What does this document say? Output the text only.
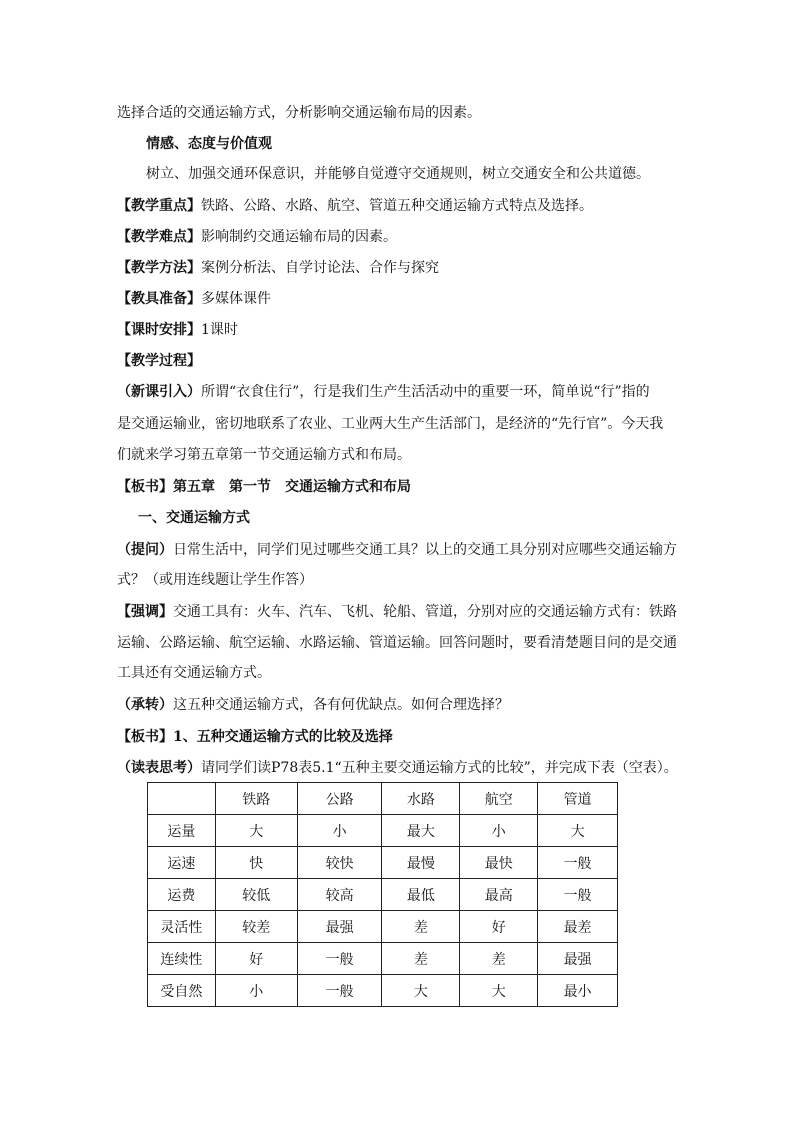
选择合适的交通运输方式，分析影响交通运输布局的因素。
情感、态度与价值观
树立、加强交通环保意识，并能够自觉遵守交通规则，树立交通安全和公共道德。
【教学重点】铁路、公路、水路、航空、管道五种交通运输方式特点及选择。
【教学难点】影响制约交通运输布局的因素。
【教学方法】案例分析法、自学讨论法、合作与探究
【教具准备】多媒体课件
【课时安排】1课时
【教学过程】
（新课引入）所谓“衣食住行”，行是我们生产生活活动中的重要一环，简单说“行”指的
是交通运输业，密切地联系了农业、工业两大生产生活部门，是经济的“先行官”。今天我
们就来学习第五章第一节交通运输方式和布局。
【板书】第五章　第一节　交通运输方式和布局
一、交通运输方式
（提问）日常生活中，同学们见过哪些交通工具？以上的交通工具分别对应哪些交通运输方
式？（或用连线题让学生作答）
【强调】交通工具有：火车、汽车、飞机、轮船、管道，分别对应的交通运输方式有：铁路
运输、公路运输、航空运输、水路运输、管道运输。回答问题时，要看清楚题目问的是交通
工具还有交通运输方式。
（承转）这五种交通运输方式，各有何优缺点。如何合理选择？
【板书】1、五种交通运输方式的比较及选择
（读表思考）请同学们读P78表5.1“五种主要交通运输方式的比较”，并完成下表（空表）。
	铁路	公路	水路	航空	管道
运量	大	小	最大	小	大
运速	快	较快	最慢	最快	一般
运费	较低	较高	最低	最高	一般
灵活性	较差	最强	差	好	最差
连续性	好	一般	差	差	最强
受自然	小	一般	大	大	最小
